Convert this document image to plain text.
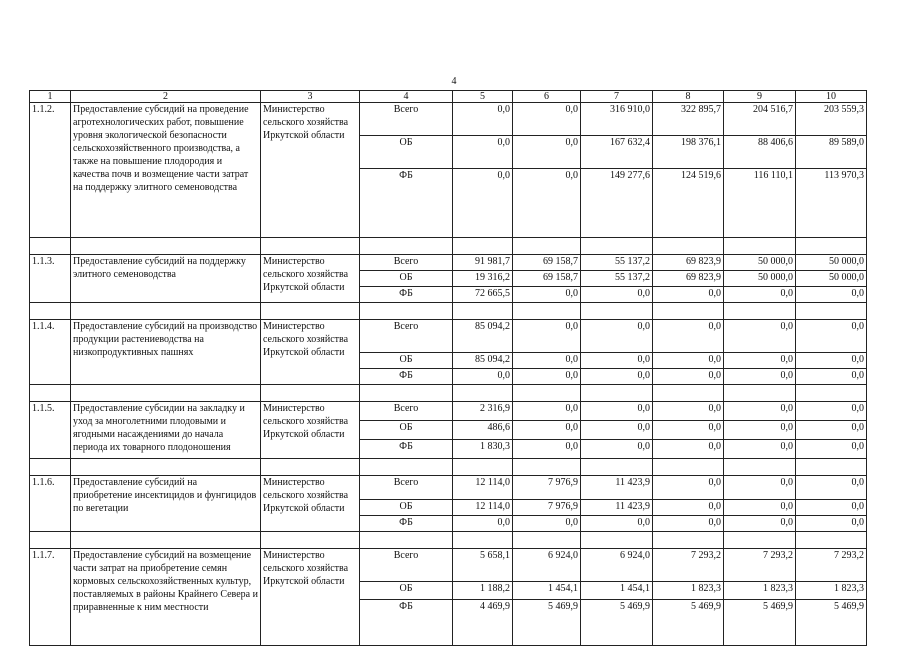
4
1	2	3	4	5	6	7	8	9	10
1.1.2.	Предоставление субсидий на проведение агротехнологических работ, повышение уровня экологической безопасности сельскохозяйственного производства, а также на повышение плодородия и качества почв и возмещение части затрат на поддержку элитного семеноводства	Министерство сельского хозяйства Иркутской области	Всего	0,0	0,0	316 910,0	322 895,7	204 516,7	203 559,3
			ОБ	0,0	0,0	167 632,4	198 376,1	88 406,6	89 589,0
			ФБ	0,0	0,0	149 277,6	124 519,6	116 110,1	113 970,3

1.1.3.	Предоставление субсидий на поддержку элитного семеноводства	Министерство сельского хозяйства Иркутской области	Всего	91 981,7	69 158,7	55 137,2	69 823,9	50 000,0	50 000,0
			ОБ	19 316,2	69 158,7	55 137,2	69 823,9	50 000,0	50 000,0
			ФБ	72 665,5	0,0	0,0	0,0	0,0	0,0

1.1.4.	Предоставление субсидий на производство продукции растениеводства на низкопродуктивных пашнях	Министерство сельского хозяйства Иркутской области	Всего	85 094,2	0,0	0,0	0,0	0,0	0,0
			ОБ	85 094,2	0,0	0,0	0,0	0,0	0,0
			ФБ	0,0	0,0	0,0	0,0	0,0	0,0

1.1.5.	Предоставление субсидии на закладку и уход за многолетними плодовыми и ягодными насаждениями до начала периода их товарного плодоношения	Министерство сельского хозяйства Иркутской области	Всего	2 316,9	0,0	0,0	0,0	0,0	0,0
			ОБ	486,6	0,0	0,0	0,0	0,0	0,0
			ФБ	1 830,3	0,0	0,0	0,0	0,0	0,0

1.1.6.	Предоставление субсидий на приобретение инсектицидов и фунгицидов по вегетации	Министерство сельского хозяйства Иркутской области	Всего	12 114,0	7 976,9	11 423,9	0,0	0,0	0,0
			ОБ	12 114,0	7 976,9	11 423,9	0,0	0,0	0,0
			ФБ	0,0	0,0	0,0	0,0	0,0	0,0

1.1.7.	Предоставление субсидий на возмещение части затрат на приобретение семян кормовых сельскохозяйственных культур, поставляемых в районы Крайнего Севера и приравненные к ним местности	Министерство сельского хозяйства Иркутской области	Всего	5 658,1	6 924,0	6 924,0	7 293,2	7 293,2	7 293,2
			ОБ	1 188,2	1 454,1	1 454,1	1 823,3	1 823,3	1 823,3
			ФБ	4 469,9	5 469,9	5 469,9	5 469,9	5 469,9	5 469,9
